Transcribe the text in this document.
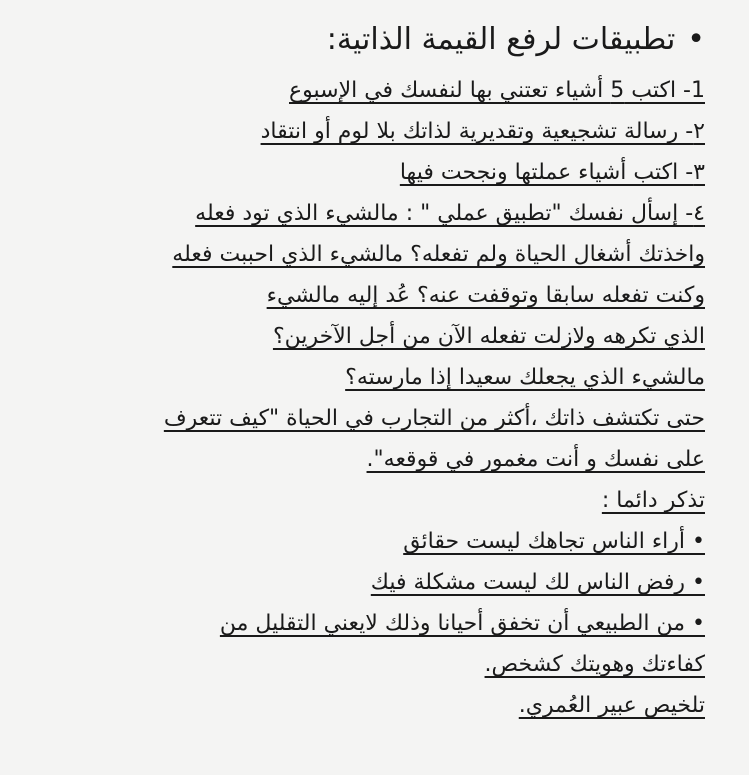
•
تطبيقات لرفع القيمة الذاتية:
1- اكتب 5 أشياء تعتني بها لنفسك في الإسبوع
٢- رسالة تشجيعية وتقديرية لذاتك بلا لوم أو انتقاد
٣- اكتب أشياء عملتها ونجحت فيها
٤- إسأل نفسك "تطبيق عملي " : مالشيء الذي تود فعله
واخذتك أشغال الحياة ولم تفعله؟ مالشيء الذي احببت فعله
وكنت تفعله سابقا وتوقفت عنه؟ عُد إليه مالشيء
الذي تكرهه ولازلت تفعله الآن من أجل الآخرين؟
مالشيء الذي يجعلك سعيدا إذا مارسته؟
حتى تكتشف ذاتك ،أكثر من التجارب في الحياة "كيف تتعرف
على نفسك و أنت مغمور في قوقعه".
تذكر دائما :
• أراء الناس تجاهك ليست حقائق
• رفض الناس لك ليست مشكلة فيك
• من الطبيعي أن تخفق أحيانا وذلك لايعني التقليل من
كفاءتك وهويتك كشخص.
تلخيص عبير العُمري.
